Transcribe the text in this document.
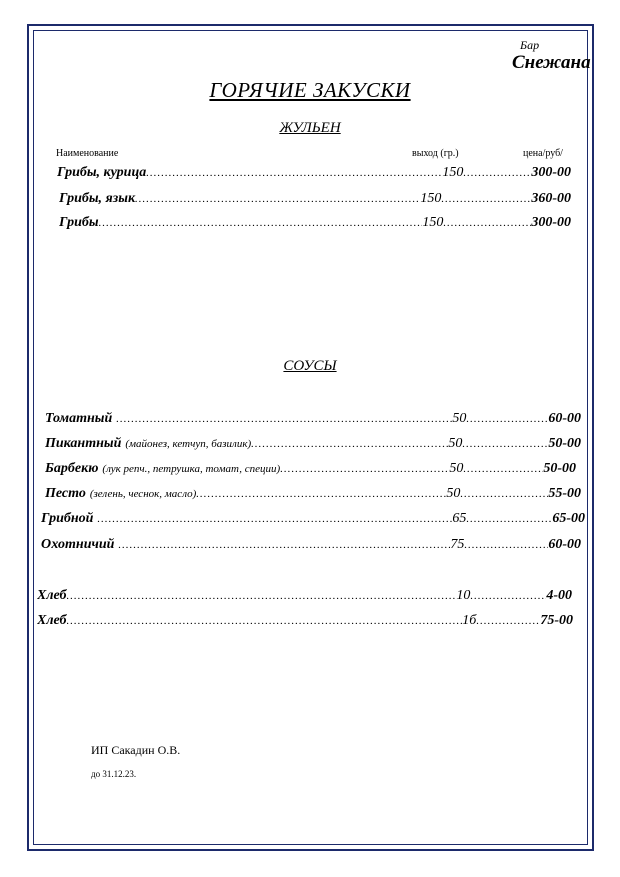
Бар
Снежана
ГОРЯЧИЕ ЗАКУСКИ
ЖУЛЬЕН
Наименование	выход (гр.)	цена/руб/
Грибы, курица .....	150 .....	300-00
Грибы, язык .....	150 .....	360-00
Грибы .....	150 .....	300-00
СОУСЫ
Томатный .....	50 .....	60-00
Пикантный (майонез, кетчуп, базилик) .....	50 .....	50-00
Барбекю (лук репч., петрушка, томат, специи) .....	50 .....	50-00
Песто (зелень, чеснок, масло) .....	50 .....	55-00
Грибной .....	65 .....	65-00
Охотничий .....	75 .....	60-00
Хлеб .....	10 .....	4-00
Хлеб .....	1б .....	75-00
ИП Сакадин О.В.
до 31.12.23.
